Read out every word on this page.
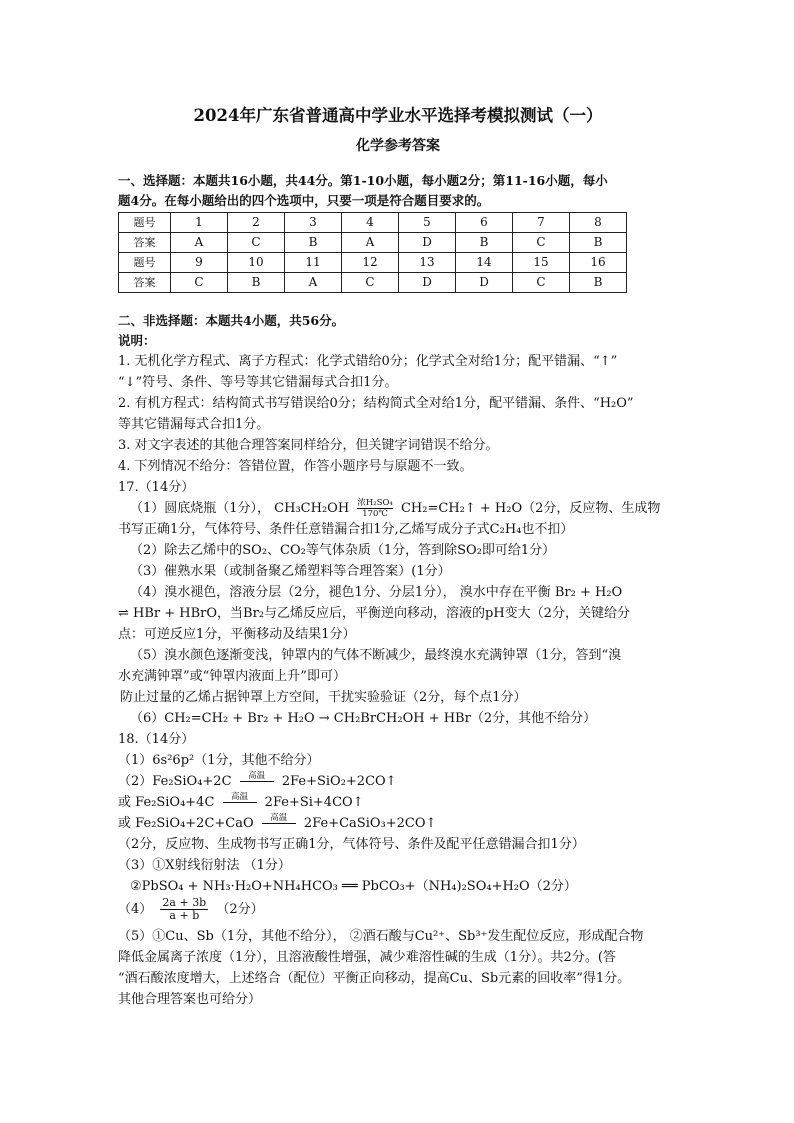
2024年广东省普通高中学业水平选择考模拟测试（一）
化学参考答案
一、选择题：本题共16小题，共44分。第1-10小题，每小题2分；第11-16小题，每小
题4分。在每小题给出的四个选项中，只要一项是符合题目要求的。
题号	1	2	3	4	5	6	7	8
答案	A	C	B	A	D	B	C	B
题号	9	10	11	12	13	14	15	16
答案	C	B	A	C	D	D	C	B
二、非选择题：本题共4小题，共56分。
说明：
1. 无机化学方程式、离子方程式：化学式错给0分；化学式全对给1分；配平错漏、“↑”
“↓”符号、条件、等号等其它错漏每式合扣1分。
2. 有机方程式：结构简式书写错误给0分；结构简式全对给1分，配平错漏、条件、“H₂O”
等其它错漏每式合扣1分。
3. 对文字表述的其他合理答案同样给分，但关键字词错误不给分。
4. 下列情况不给分：答错位置，作答小题序号与原题不一致。
17.（14分）
（1）圆底烧瓶（1分）， CH₃CH₂OH 浓H₂SO₄
170℃ CH₂=CH₂↑ + H₂O（2分，反应物、生成物
书写正确1分，气体符号、条件任意错漏合扣1分,乙烯写成分子式C₂H₄也不扣）
（2）除去乙烯中的SO₂、CO₂等气体杂质（1分，答到除SO₂即可给1分）
（3）催熟水果（或制备聚乙烯塑料等合理答案）(1分）
（4）溴水褪色，溶液分层（2分，褪色1分、分层1分）， 溴水中存在平衡 Br₂ + H₂O
⇌ HBr + HBrO，当Br₂与乙烯反应后，平衡逆向移动，溶液的pH变大（2分，关键给分
点：可逆反应1分，平衡移动及结果1分）
（5）溴水颜色逐渐变浅，钟罩内的气体不断减少，最终溴水充满钟罩（1分，答到“溴
水充满钟罩”或“钟罩内液面上升”即可）
防止过量的乙烯占据钟罩上方空间，干扰实验验证（2分，每个点1分）
（6）CH₂=CH₂ + Br₂ + H₂O → CH₂BrCH₂OH + HBr（2分，其他不给分）
18.（14分）
（1）6s²6p²（1分，其他不给分）
（2）Fe₂SiO₄+2C	高温	2Fe+SiO₂+2CO↑
或 Fe₂SiO₄+4C	高温	2Fe+Si+4CO↑
或 Fe₂SiO₄+2C+CaO	高温	2Fe+CaSiO₃+2CO↑
（2分，反应物、生成物书写正确1分，气体符号、条件及配平任意错漏合扣1分）
（3）①X射线衍射法 （1分）
②PbSO₄ + NH₃·H₂O+NH₄HCO₃ ══ PbCO₃+（NH₄)₂SO₄+H₂O（2分）
$(4) \frac{2a + 3b}{a + b} (2$分）
（5）①Cu、Sb（1分，其他不给分）， ②酒石酸与Cu²⁺、Sb³⁺发生配位反应，形成配合物
降低金属离子浓度（1分），且溶液酸性增强，减少难溶性碱的生成（1分）。共2分。(答
“酒石酸浓度增大，上述络合（配位）平衡正向移动，提高Cu、Sb元素的回收率”得1分。
其他合理答案也可给分）
